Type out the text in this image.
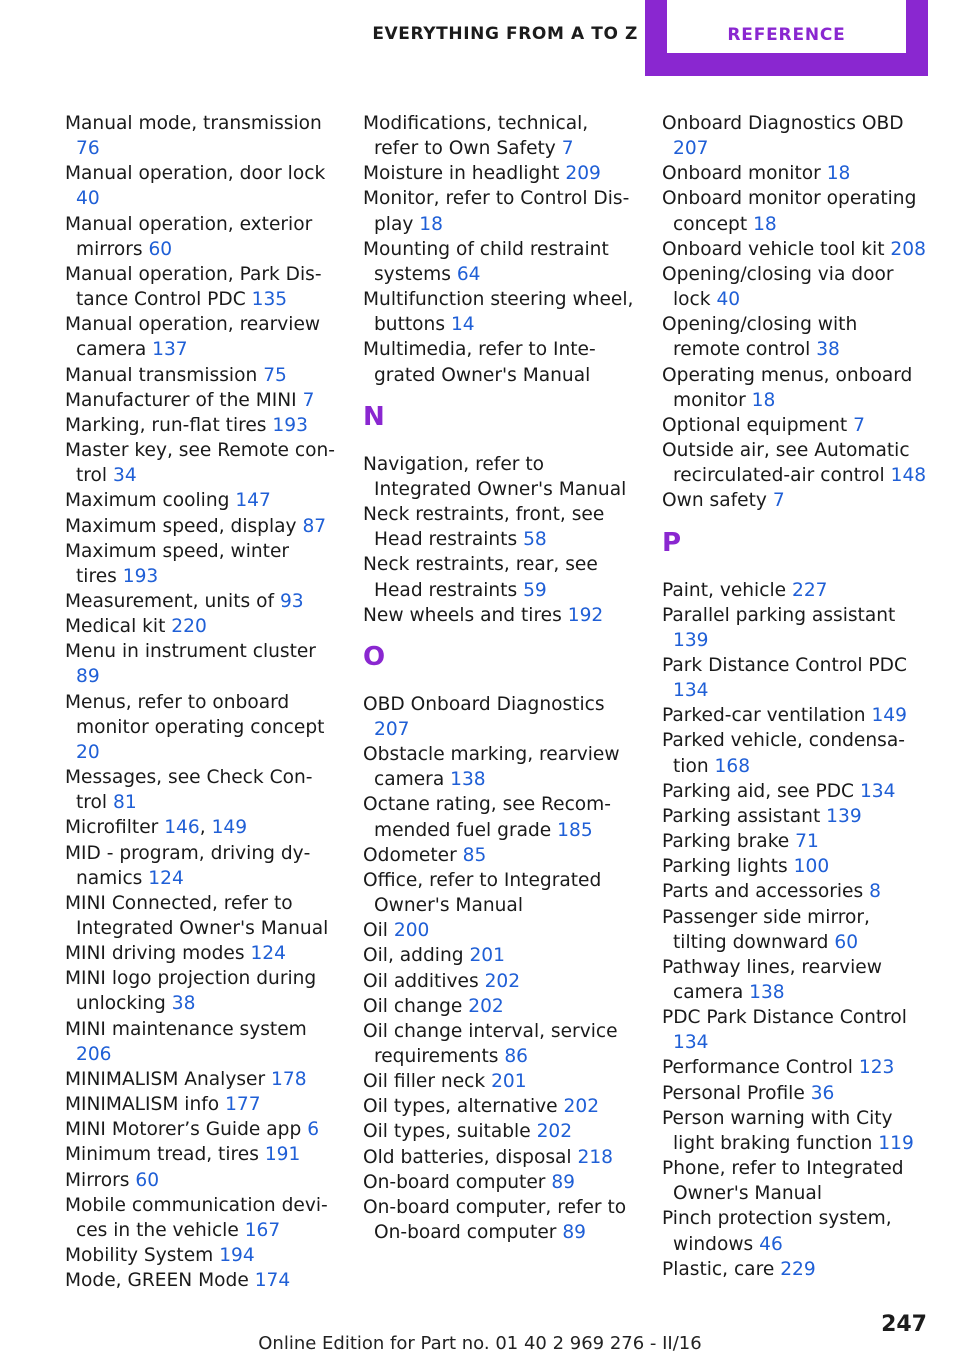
EVERYTHING FROM A TO Z	REFERENCE
Manual mode, transmission 76
Manual operation, door lock 40
Manual operation, exterior mirrors 60
Manual operation, Park Distance Control PDC 135
Manual operation, rearview camera 137
Manual transmission 75
Manufacturer of the MINI 7
Marking, run-flat tires 193
Master key, see Remote control 34
Maximum cooling 147
Maximum speed, display 87
Maximum speed, winter tires 193
Measurement, units of 93
Medical kit 220
Menu in instrument cluster 89
Menus, refer to onboard monitor operating concept 20
Messages, see Check Control 81
Microfilter 146, 149
MID - program, driving dynamics 124
MINI Connected, refer to Integrated Owner's Manual
MINI driving modes 124
MINI logo projection during unlocking 38
MINI maintenance system 206
MINIMALISM Analyser 178
MINIMALISM info 177
MINI Motorer’s Guide app 6
Minimum tread, tires 191
Mirrors 60
Mobile communication devices in the vehicle 167
Mobility System 194
Mode, GREEN Mode 174
Modifications, technical, refer to Own Safety 7
Moisture in headlight 209
Monitor, refer to Control Display 18
Mounting of child restraint systems 64
Multifunction steering wheel, buttons 14
Multimedia, refer to Integrated Owner's Manual
N
Navigation, refer to Integrated Owner's Manual
Neck restraints, front, see Head restraints 58
Neck restraints, rear, see Head restraints 59
New wheels and tires 192
O
OBD Onboard Diagnostics 207
Obstacle marking, rearview camera 138
Octane rating, see Recommended fuel grade 185
Odometer 85
Office, refer to Integrated Owner's Manual
Oil 200
Oil, adding 201
Oil additives 202
Oil change 202
Oil change interval, service requirements 86
Oil filler neck 201
Oil types, alternative 202
Oil types, suitable 202
Old batteries, disposal 218
On-board computer 89
On-board computer, refer to On-board computer 89
Onboard Diagnostics OBD 207
Onboard monitor 18
Onboard monitor operating concept 18
Onboard vehicle tool kit 208
Opening/closing via door lock 40
Opening/closing with remote control 38
Operating menus, onboard monitor 18
Optional equipment 7
Outside air, see Automatic recirculated-air control 148
Own safety 7
P
Paint, vehicle 227
Parallel parking assistant 139
Park Distance Control PDC 134
Parked-car ventilation 149
Parked vehicle, condensation 168
Parking aid, see PDC 134
Parking assistant 139
Parking brake 71
Parking lights 100
Parts and accessories 8
Passenger side mirror, tilting downward 60
Pathway lines, rearview camera 138
PDC Park Distance Control 134
Performance Control 123
Personal Profile 36
Person warning with City light braking function 119
Phone, refer to Integrated Owner's Manual
Pinch protection system, windows 46
Plastic, care 229
247
Online Edition for Part no. 01 40 2 969 276 - II/16
